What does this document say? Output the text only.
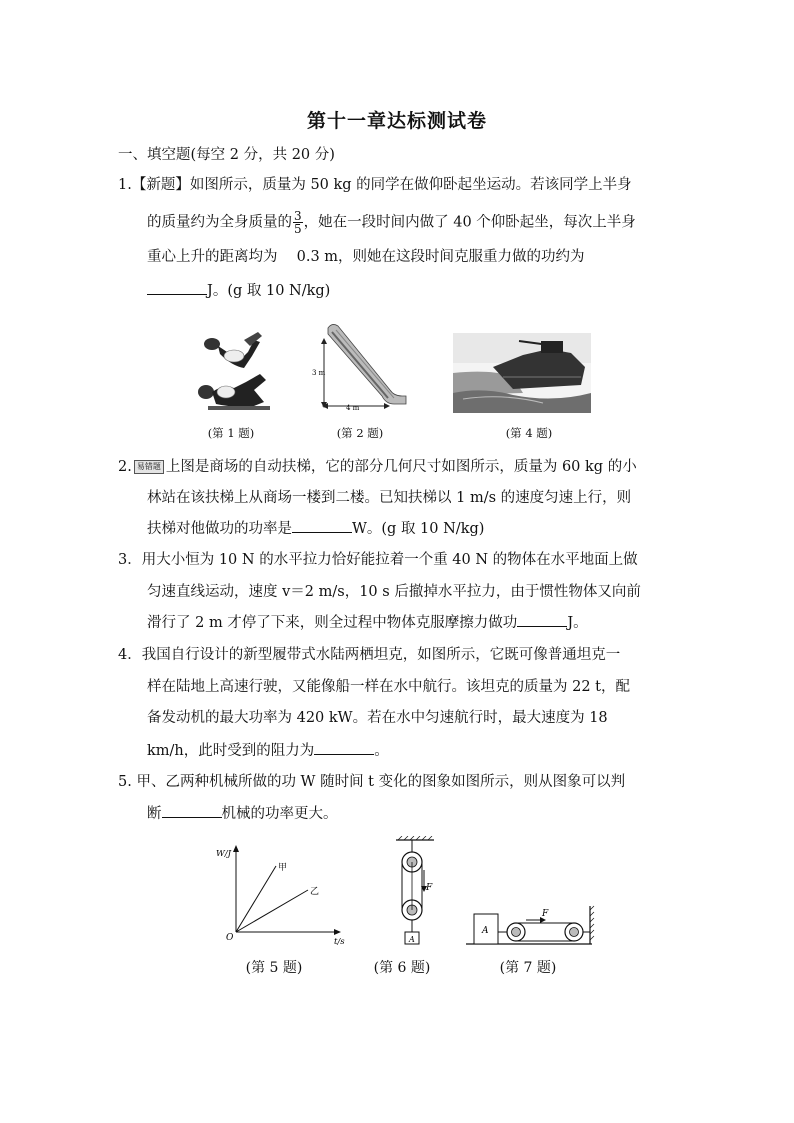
第十一章达标测试卷
一、填空题(每空 2 分，共 20 分)
1.【新题】如图所示，质量为 50 kg 的同学在做仰卧起坐运动。若该同学上半身
的质量约为全身质量的 $\frac{3}{5}$ ，她在一段时间内做了 40 个仰卧起坐，每次上半身
重心上升的距离均为　 0.3 m，则她在这段时间克服重力做的功约为
J。(g 取 10 N/kg)
3 m
4 m
(第 1 题)	(第 2 题)	(第 4 题)
2. 易错题 上图是商场的自动扶梯，它的部分几何尺寸如图所示，质量为 60 kg 的小
林站在该扶梯上从商场一楼到二楼。已知扶梯以 1 m/s 的速度匀速上行，则
扶梯对他做功的功率是	W。(g 取 10 N/kg)
3．用大小恒为 10 N 的水平拉力恰好能拉着一个重 40 N 的物体在水平地面上做
匀速直线运动，速度 v＝2 m/s，10 s 后撤掉水平拉力，由于惯性物体又向前
滑行了 2 m 才停了下来，则全过程中物体克服摩擦力做功	J。
4．我国自行设计的新型履带式水陆两栖坦克，如图所示，它既可像普通坦克一
样在陆地上高速行驶，又能像船一样在水中航行。该坦克的质量为 22 t，配
备发动机的最大功率为 420 kW。若在水中匀速航行时，最大速度为 18
km/h，此时受到的阻力为	。
5. 甲、乙两种机械所做的功 W 随时间 t 变化的图象如图所示，则从图象可以判
断	机械的功率更大。
W/J
t/s
O
甲
乙	F
A
A
F
(第 5 题)	(第 6 题)	(第 7 题)
